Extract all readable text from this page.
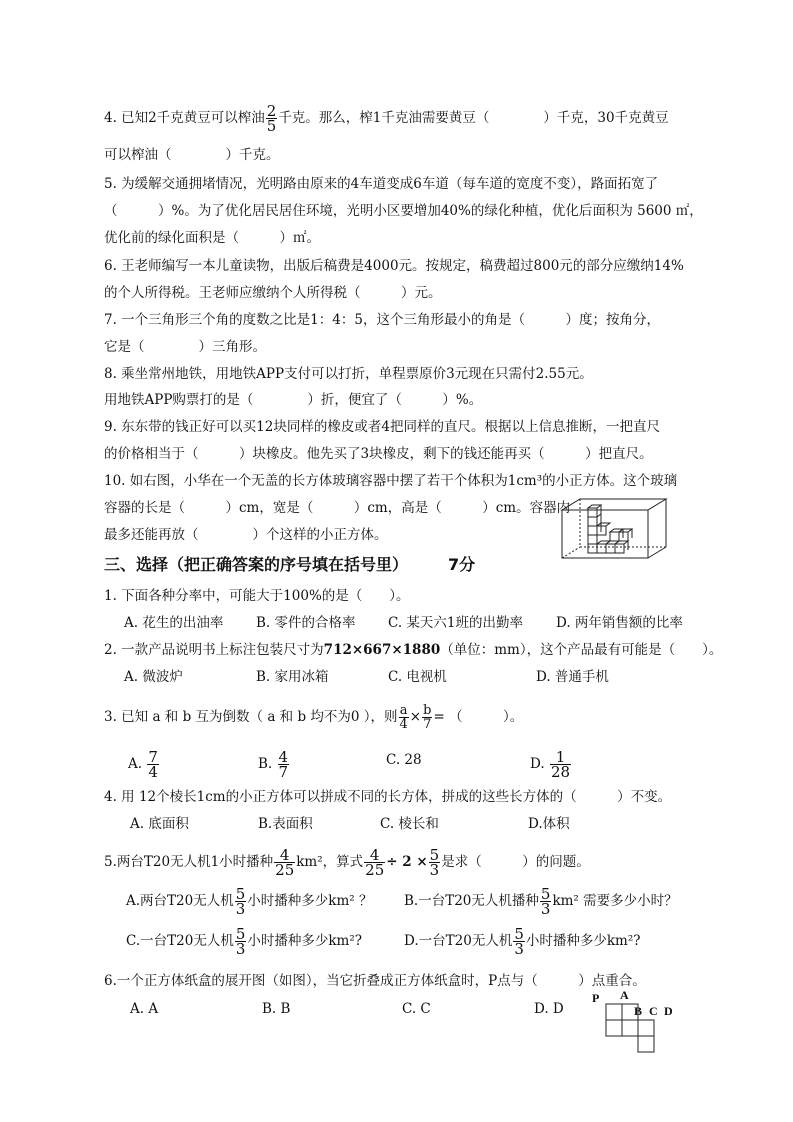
4. 已知2千克黄豆可以榨油 $\frac{2}{5}$ 千克。那么，榨1千克油需要黄豆（　　　　）千克，30千克黄豆
可以榨油（　　　　）千克。
5. 为缓解交通拥堵情况，光明路由原来的4车道变成6车道（每车道的宽度不变），路面拓宽了
（　　　）%。为了优化居民居住环境，光明小区要增加40%的绿化种植，优化后面积为 5600 ㎡，
优化前的绿化面积是（　　　）㎡。
6. 王老师编写一本儿童读物，出版后稿费是4000元。按规定，稿费超过800元的部分应缴纳14%
的个人所得税。王老师应缴纳个人所得税（　　　）元。
7. 一个三角形三个角的度数之比是1：4：5，这个三角形最小的角是（　　　）度；按角分，
它是（　　　　）三角形。
8. 乘坐常州地铁，用地铁APP支付可以打折，单程票原价3元现在只需付2.55元。
用地铁APP购票打的是（　　　　）折，便宜了（　　　）%。
9. 东东带的钱正好可以买12块同样的橡皮或者4把同样的直尺。根据以上信息推断，一把直尺
的价格相当于（　　　）块橡皮。他先买了3块橡皮，剩下的钱还能再买（　　　）把直尺。
10. 如右图，小华在一个无盖的长方体玻璃容器中摆了若干个体积为1cm³的小正方体。这个玻璃
容器的长是（　　　）cm，宽是（　　　）cm，高是（　　　）cm。容器内
最多还能再放（　　　　）个这样的小正方体。
三、选择（把正确答案的序号填在括号里）	7分
1. 下面各种分率中，可能大于100%的是（　　）。
A. 花生的出油率 B. 零件的合格率 C. 某天六1班的出勤率 D. 两年销售额的比率
2. 一款产品说明书上标注包装尺寸为712×667×1880（单位：mm），这个产品最有可能是（　　）。
A. 微波炉	B. 家用冰箱	C. 电视机	D. 普通手机
3. 已知 a 和 b 互为倒数（ a 和 b 均不为0 ），则 $\frac{a}{4} \times \frac{b}{7}$ = （　　　）。
A. $\frac{7}{4}$	B. $\frac{4}{7}$	C. 28	D. $\frac{1}{28}$
4. 用 12个棱长1cm的小正方体可以拼成不同的长方体，拼成的这些长方体的（　　　）不变。
A. 底面积	B.表面积	C. 棱长和	D.体积
5.两台T20无人机1小时播种 $\frac{4}{25} km^2$，算式 $\frac{4}{25} \div 2 \times \frac{5}{3}$ 是求（　　　）的问题。
A.两台T20无人机 $\frac{5}{3}$ 小时播种多少km² ？ B.一台T20无人机播种 $\frac{5}{3} km^2$ 需要多少小时？
C.一台T20无人机 $\frac{5}{3}$ 小时播种多少km²?	D.一台T20无人机 $\frac{5}{3}$ 小时播种多少km²?
6.一个正方体纸盒的展开图（如图），当它折叠成正方体纸盒时，P点与（　　　）点重合。
A. A	B. B	C. C	D. D
P A
B C D
